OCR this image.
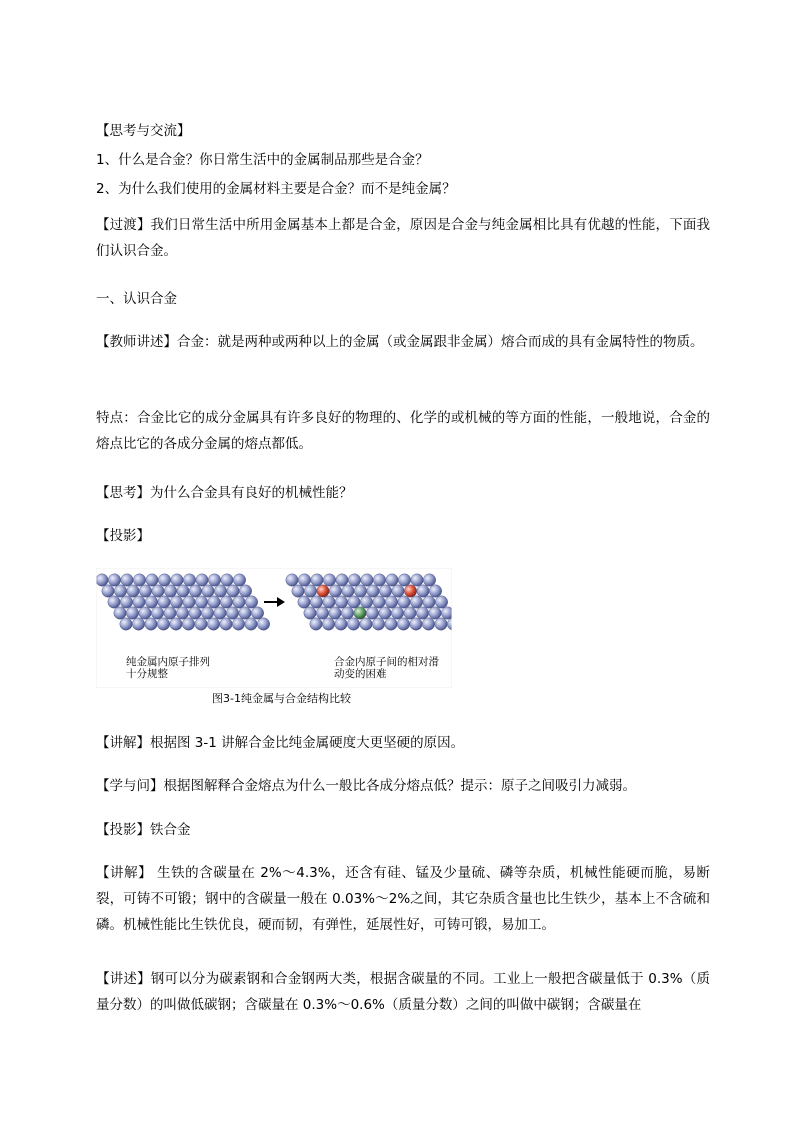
【思考与交流】

1、什么是合金？你日常生活中的金属制品那些是合金？

2、为什么我们使用的金属材料主要是合金？而不是纯金属？

【过渡】我们日常生活中所用金属基本上都是合金，原因是合金与纯金属相比具有优越的性能，下面我们认识合金。

一、认识合金

【教师讲述】合金：就是两种或两种以上的金属（或金属跟非金属）熔合而成的具有金属特性的物质。

特点：合金比它的成分金属具有许多良好的物理的、化学的或机械的等方面的性能，一般地说，合金的熔点比它的各成分金属的熔点都低。

【思考】为什么合金具有良好的机械性能？

【投影】

纯金属内原子排列
十分规整
合金内原子间的相对滑
动变的困难
图3-1纯金属与合金结构比较

【讲解】根据图 3-1 讲解合金比纯金属硬度大更坚硬的原因。

【学与问】根据图解释合金熔点为什么一般比各成分熔点低？提示：原子之间吸引力减弱。

【投影】铁合金

【讲解】 生铁的含碳量在 2%～4.3%，还含有硅、锰及少量硫、磷等杂质，机械性能硬而脆，易断裂，可铸不可锻；钢中的含碳量一般在 0.03%～2%之间，其它杂质含量也比生铁少，基本上不含硫和磷。机械性能比生铁优良，硬而韧，有弹性，延展性好，可铸可锻，易加工。

【讲述】钢可以分为碳素钢和合金钢两大类，根据含碳量的不同。工业上一般把含碳量低于 0.3%（质量分数）的叫做低碳钢；含碳量在 0.3%～0.6%（质量分数）之间的叫做中碳钢；含碳量在
